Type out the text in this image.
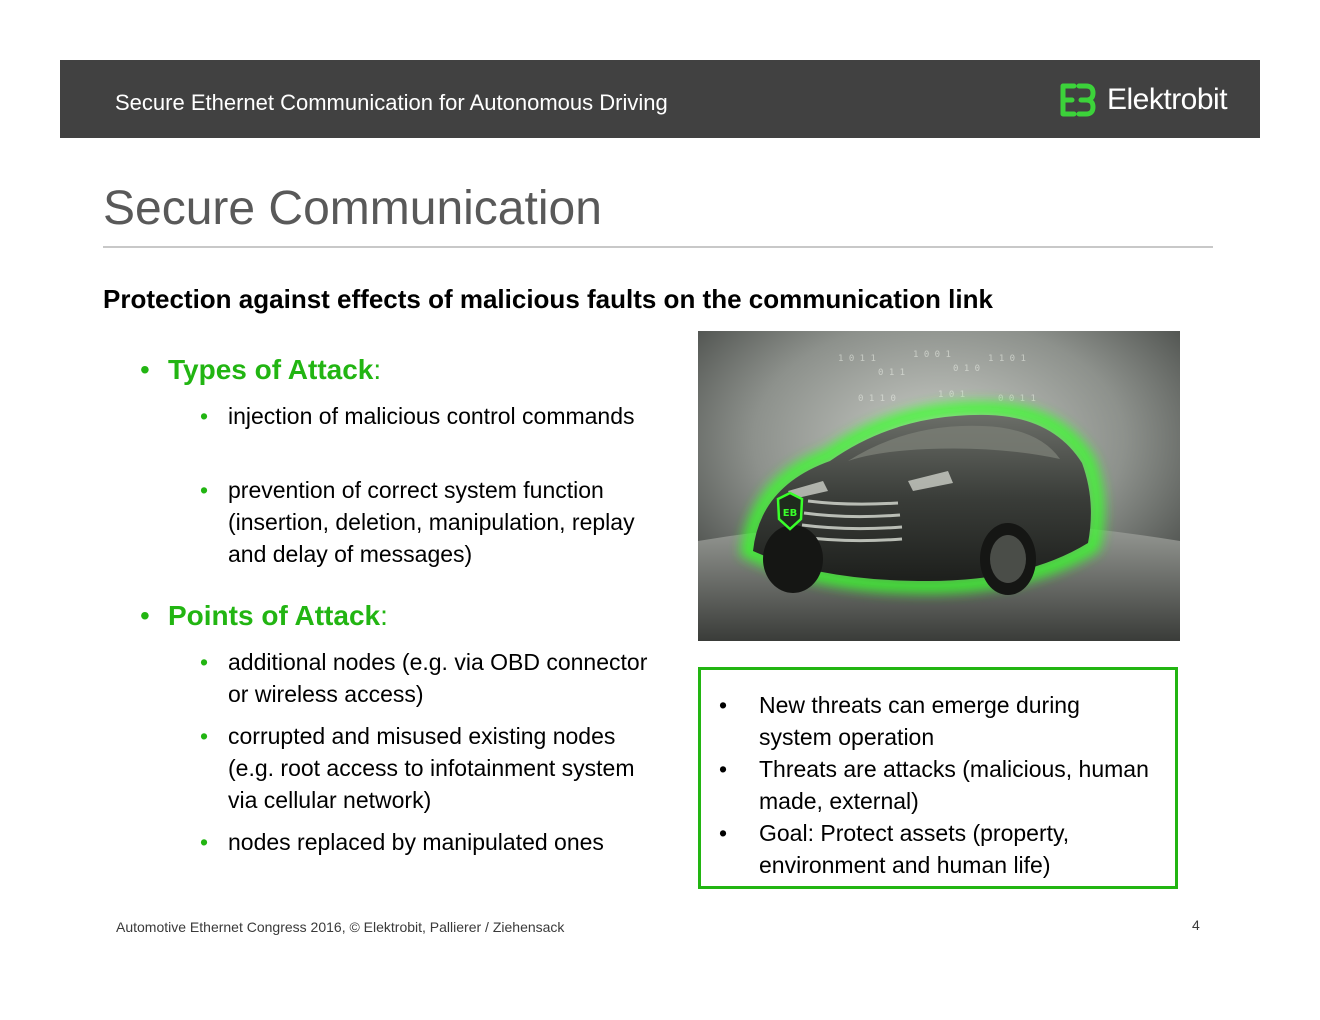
Secure Ethernet Communication for Autonomous Driving	Elektrobit
Secure Communication
Protection against effects of malicious faults on the communication link
• Types of Attack:
• injection of malicious control commands
• prevention of correct system function (insertion, deletion, manipulation, replay and delay of messages)
• Points of Attack:
• additional nodes (e.g. via OBD connector or wireless access)
• corrupted and misused existing nodes (e.g. root access to infotainment system via cellular network)
• nodes replaced by manipulated ones
1 0 1 1
0 1 1
1 0 0 1
0 1 0
1 1 0 1
0 1 1 0	1 0 1	0 0 1 1
EB
• New threats can emerge during system operation
• Threats are attacks (malicious, human made, external)
• Goal: Protect assets (property, environment and human life)
Automotive Ethernet Congress 2016, © Elektrobit, Pallierer / Ziehensack	4
